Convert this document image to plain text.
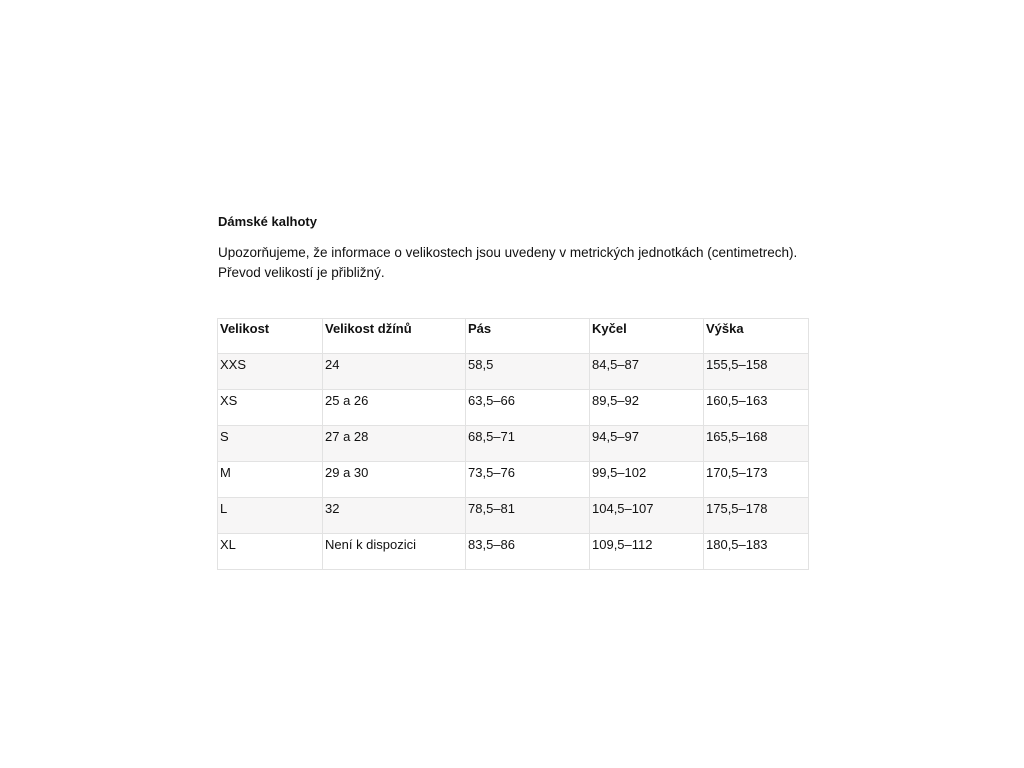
Dámské kalhoty
Upozorňujeme, že informace o velikostech jsou uvedeny v metrických jednotkách (centimetrech).
Převod velikostí je přibližný.
Velikost	Velikost džínů	Pás	Kyčel	Výška
XXS	24	58,5	84,5–87	155,5–158
XS	25 a 26	63,5–66	89,5–92	160,5–163
S	27 a 28	68,5–71	94,5–97	165,5–168
M	29 a 30	73,5–76	99,5–102	170,5–173
L	32	78,5–81	104,5–107	175,5–178
XL	Není k dispozici	83,5–86	109,5–112	180,5–183
